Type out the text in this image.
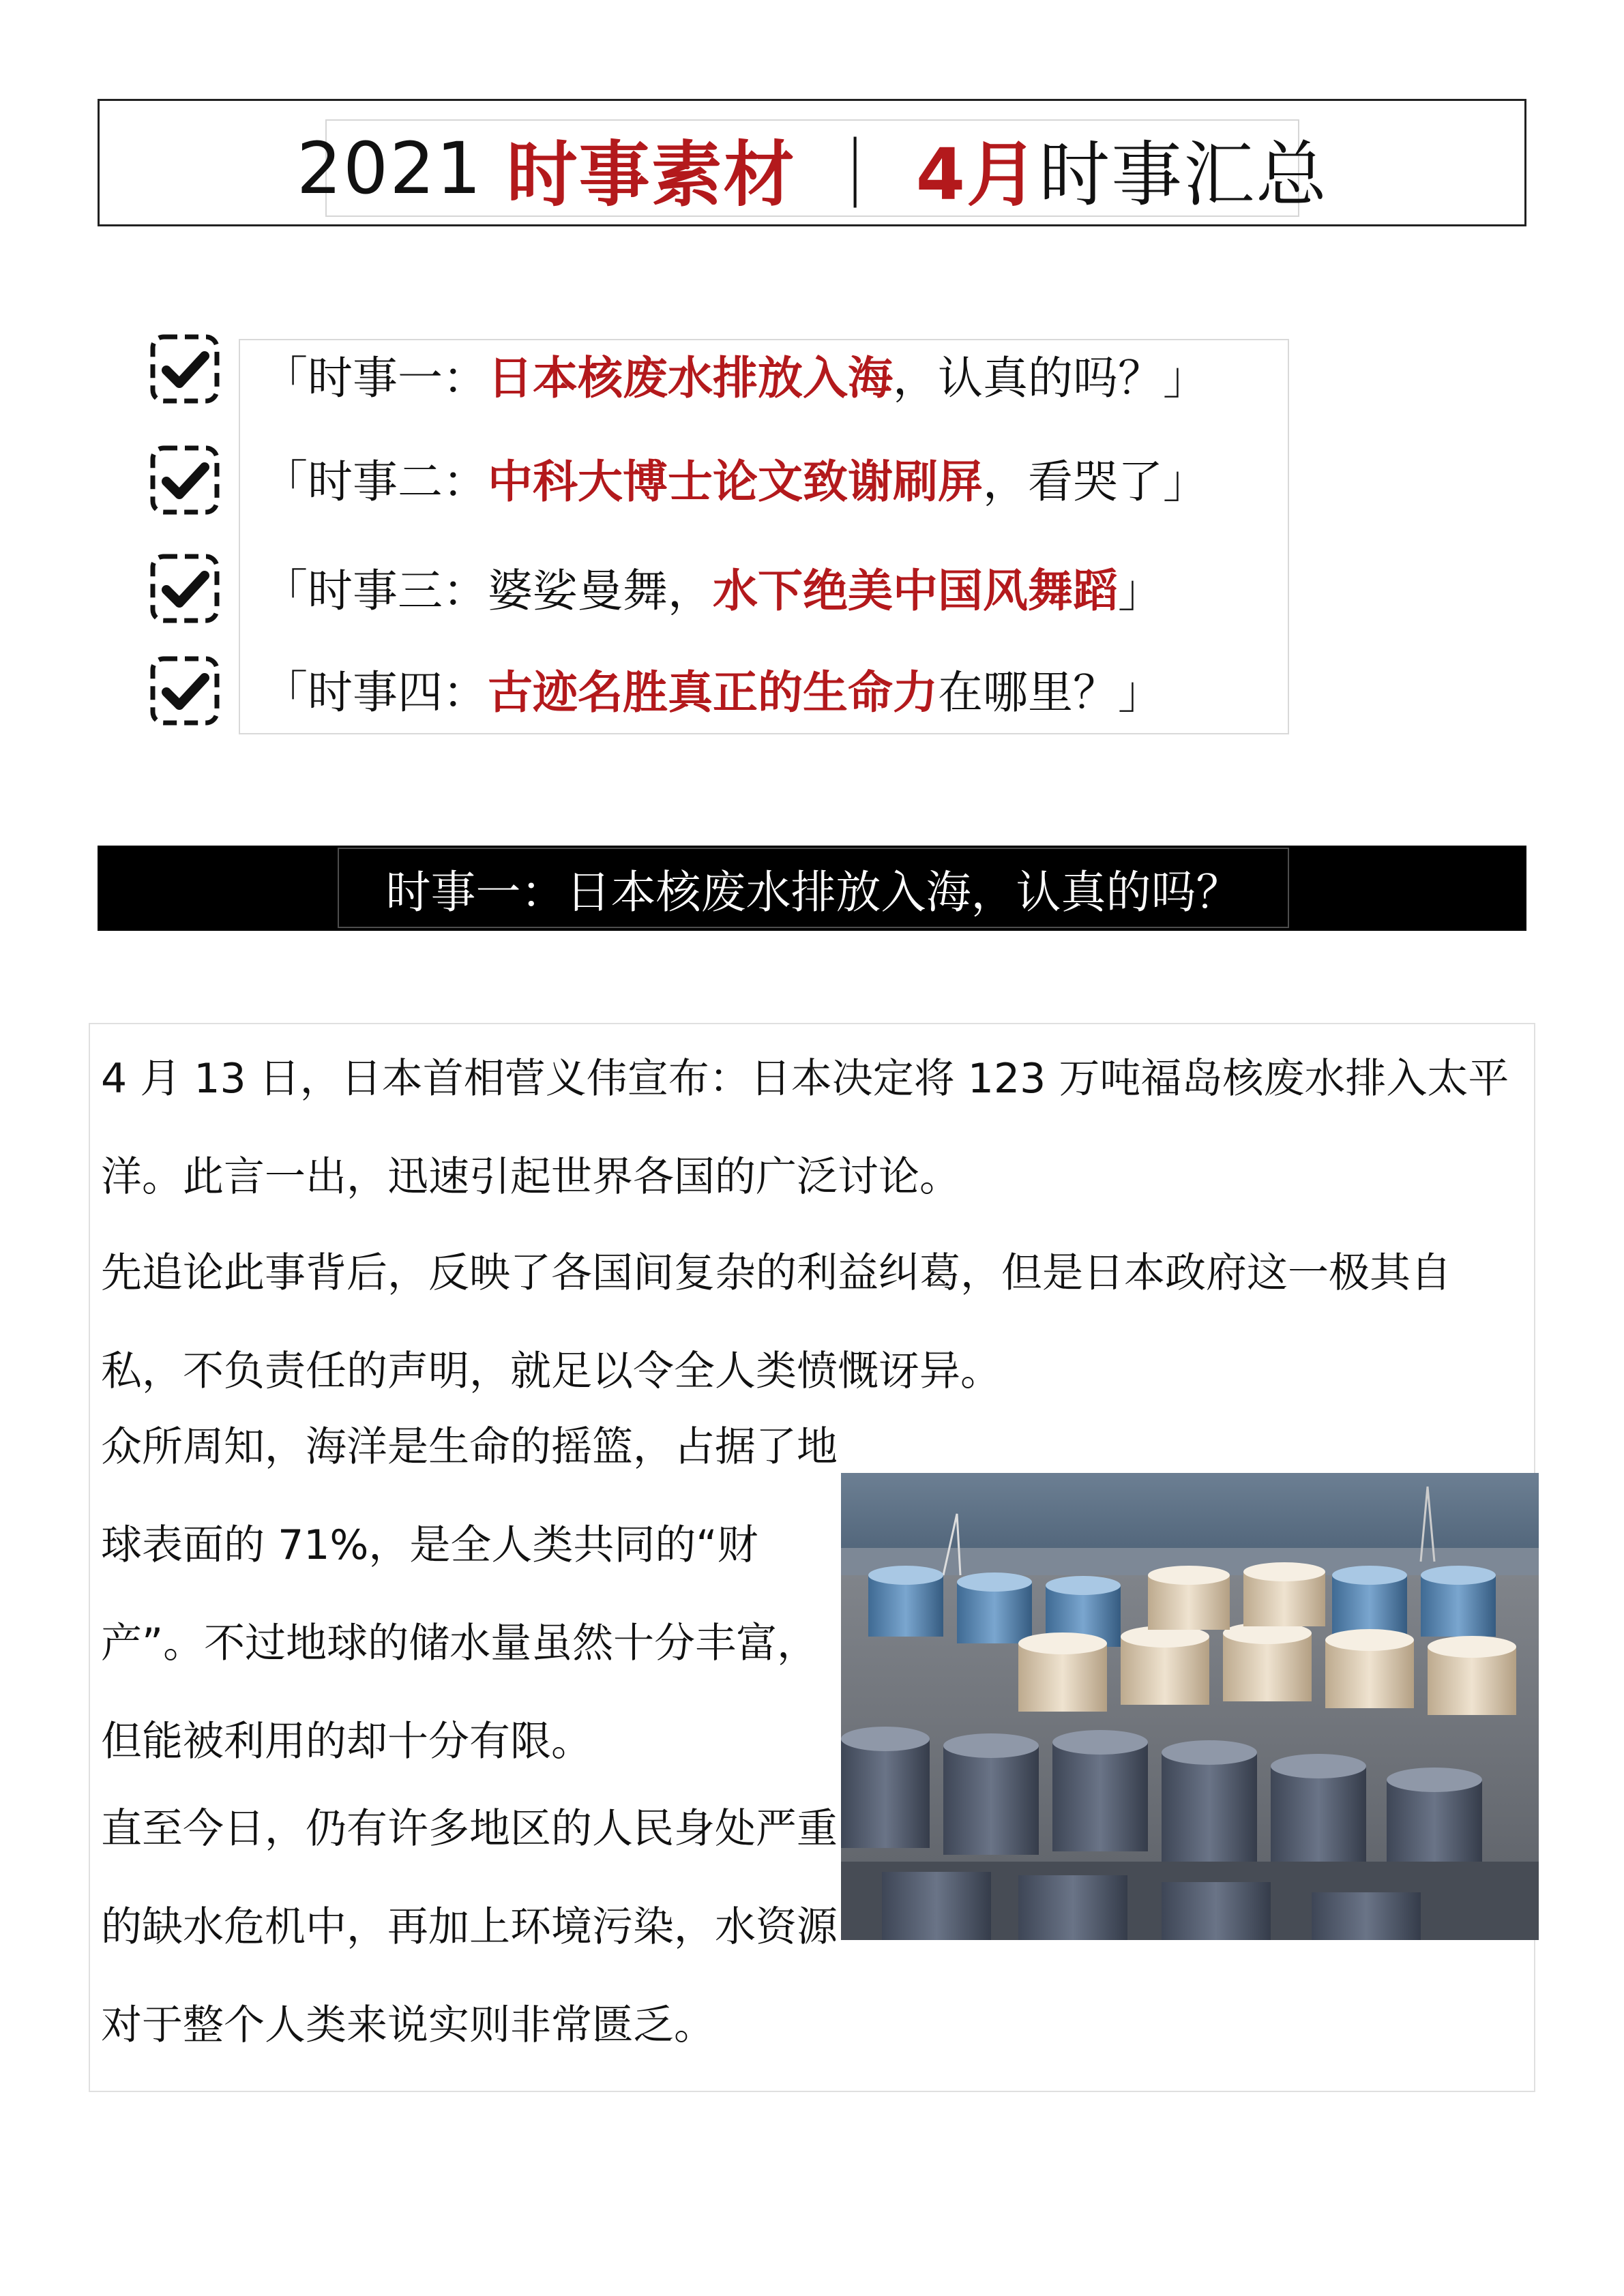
2021
时事素材
｜
4月 时事汇总
「时事一：日本核废水排放入海，认真的吗？」
「时事二：中科大博士论文致谢刷屏，看哭了」
「时事三：婆娑曼舞，水下绝美中国风舞蹈」
「时事四：古迹名胜真正的生命力在哪里？」
时事一：日本核废水排放入海，认真的吗？

4 月 13 日，日本首相菅义伟宣布：日本决定将 123 万吨福岛核废水排入太平洋。此言一出，迅速引起世界各国的广泛讨论。

先追论此事背后，反映了各国间复杂的利益纠葛，但是日本政府这一极其自私，不负责任的声明，就足以令全人类愤慨讶异。

众所周知，海洋是生命的摇篮，占据了地球表面的 71%，是全人类共同的“财产”。不过地球的储水量虽然十分丰富，但能被利用的却十分有限。

直至今日，仍有许多地区的人民身处严重的缺水危机中，再加上环境污染，水资源对于整个人类来说实则非常匮乏。
